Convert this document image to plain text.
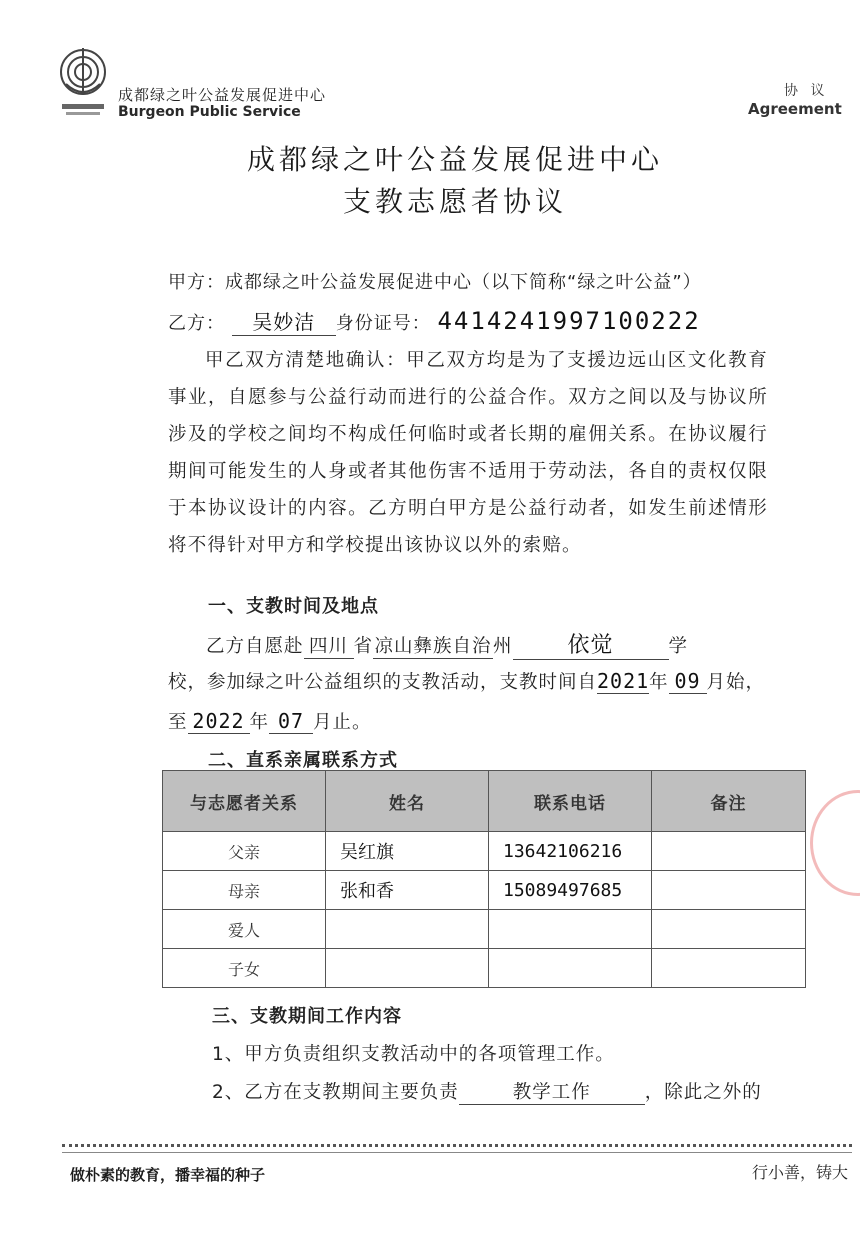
成都绿之叶公益发展促进中心
Burgeon Public Service
协 议
Agreement
成都绿之叶公益发展促进中心
支教志愿者协议
甲方：成都绿之叶公益发展促进中心（以下简称“绿之叶公益”）
乙方： 吴妙洁 身份证号： 4414241997100222
甲乙双方清楚地确认：甲乙双方均是为了支援边远山区文化教育事业，自愿参与公益行动而进行的公益合作。双方之间以及与协议所涉及的学校之间均不构成任何临时或者长期的雇佣关系。在协议履行期间可能发生的人身或者其他伤害不适用于劳动法，各自的责权仅限于本协议设计的内容。乙方明白甲方是公益行动者，如发生前述情形将不得针对甲方和学校提出该协议以外的索赔。
一、支教时间及地点
乙方自愿赴 四川 省凉山彝族自治州 依觉	学
校，参加绿之叶公益组织的支教活动，支教时间自2021年 09 月始，
至 2022 年 07 月止。
二、直系亲属联系方式
与志愿者关系	姓名	联系电话	备注
父亲	吴红旗	13642106216	
母亲	张和香	15089497685	
爱人			
子女			
三、支教期间工作内容
1、甲方负责组织支教活动中的各项管理工作。
2、乙方在支教期间主要负责	教学工作	，除此之外的
做朴素的教育，播幸福的种子	行小善，铸大
